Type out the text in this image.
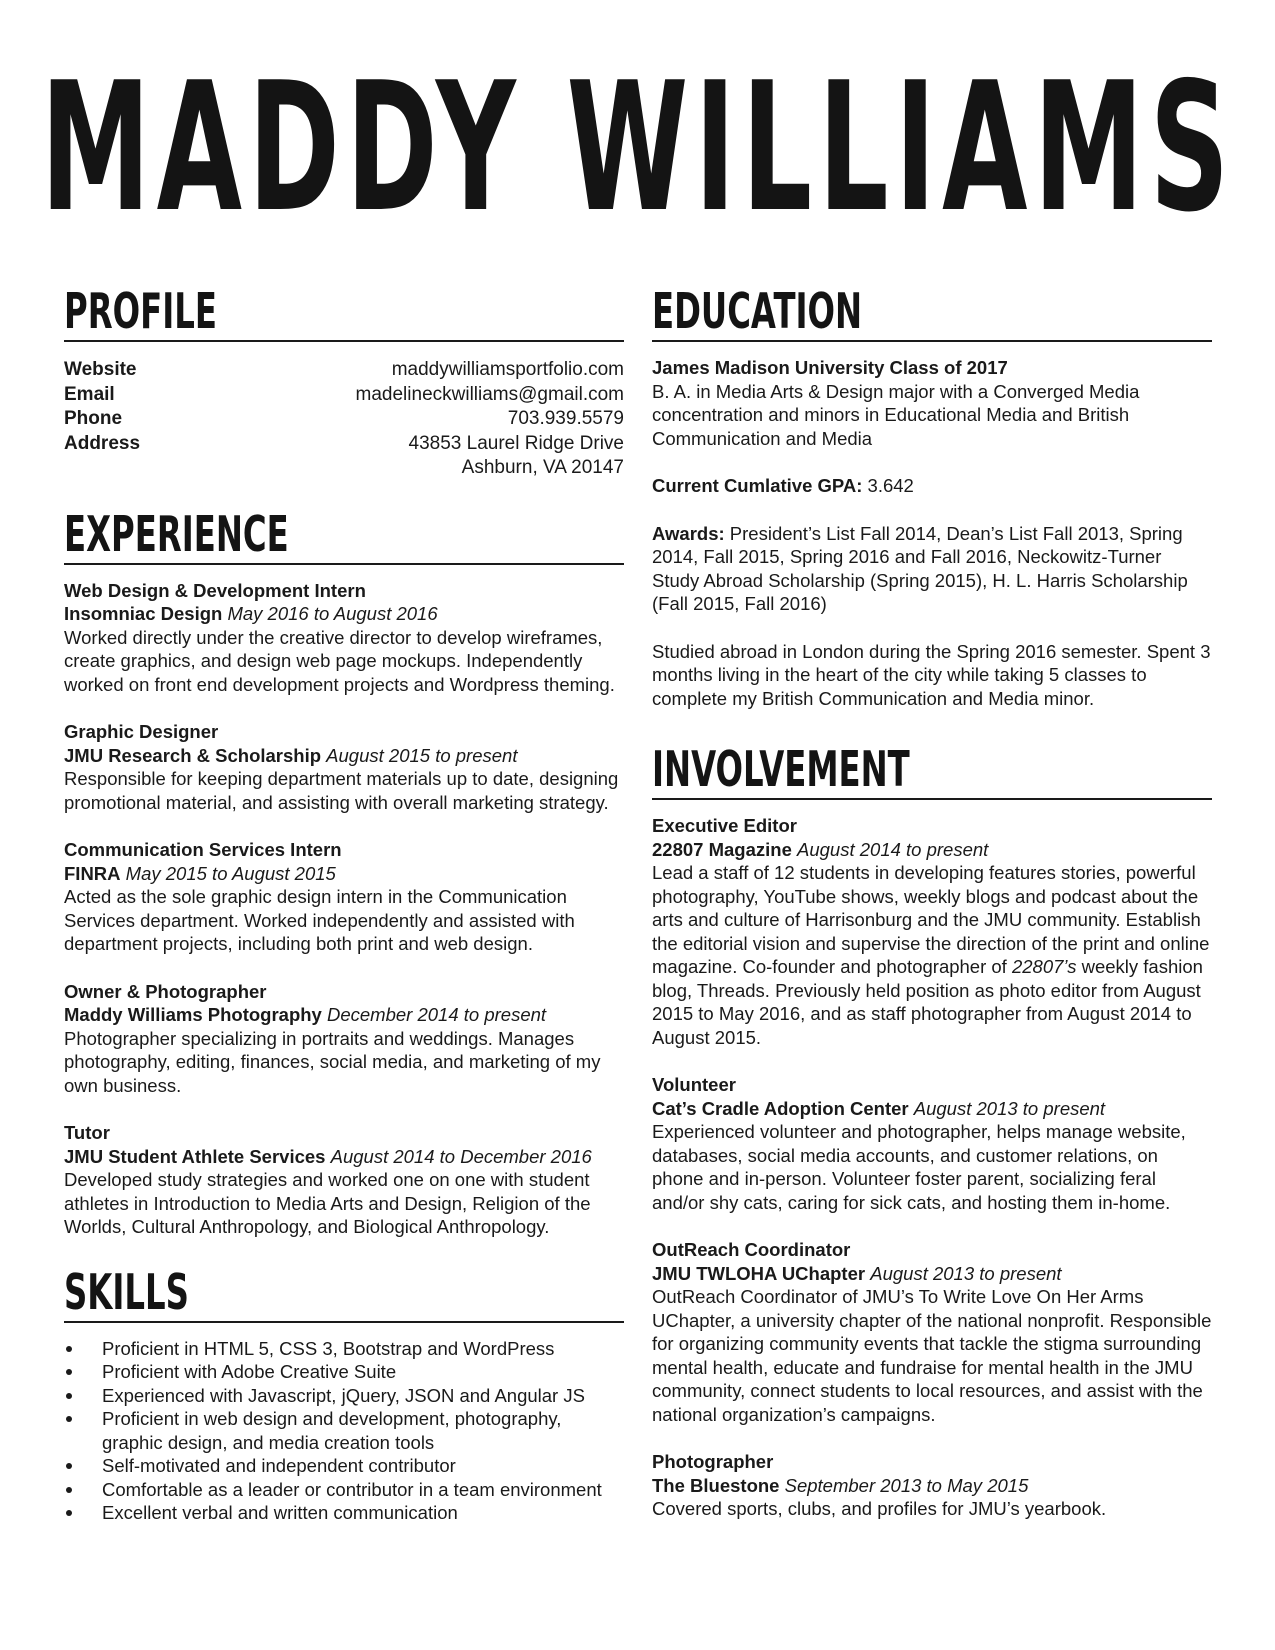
MADDY WILLIAMS
PROFILE
Website	maddywilliamsportfolio.com
Email	madelineckwilliams@gmail.com
Phone	703.939.5579
Address	43853 Laurel Ridge Drive
Ashburn, VA 20147
EXPERIENCE
Web Design & Development Intern
Insomniac Design May 2016 to August 2016
Worked directly under the creative director to develop wireframes, create graphics, and design web page mockups. Independently worked on front end development projects and Wordpress theming.
Graphic Designer
JMU Research & Scholarship August 2015 to present
Responsible for keeping department materials up to date, designing promotional material, and assisting with overall marketing strategy.
Communication Services Intern
FINRA May 2015 to August 2015
Acted as the sole graphic design intern in the Communication Services department. Worked independently and assisted with department projects, including both print and web design.
Owner & Photographer
Maddy Williams Photography December 2014 to present
Photographer specializing in portraits and weddings. Manages photography, editing, finances, social media, and marketing of my own business.
Tutor
JMU Student Athlete Services August 2014 to December 2016
Developed study strategies and worked one on one with student athletes in Introduction to Media Arts and Design, Religion of the Worlds, Cultural Anthropology, and Biological Anthropology.
SKILLS
Proficient in HTML 5, CSS 3, Bootstrap and WordPress
Proficient with Adobe Creative Suite
Experienced with Javascript, jQuery, JSON and Angular JS
Proficient in web design and development, photography, graphic design, and media creation tools
Self-motivated and independent contributor
Comfortable as a leader or contributor in a team environment
Excellent verbal and written communication
EDUCATION
James Madison University Class of 2017
B. A. in Media Arts & Design major with a Converged Media concentration and minors in Educational Media and British Communication and Media
Current Cumlative GPA: 3.642
Awards: President’s List Fall 2014, Dean’s List Fall 2013, Spring 2014, Fall 2015, Spring 2016 and Fall 2016, Neckowitz-Turner Study Abroad Scholarship (Spring 2015), H. L. Harris Scholarship (Fall 2015, Fall 2016)
Studied abroad in London during the Spring 2016 semester. Spent 3 months living in the heart of the city while taking 5 classes to complete my British Communication and Media minor.
INVOLVEMENT
Executive Editor
22807 Magazine August 2014 to present
Lead a staff of 12 students in developing features stories, powerful photography, YouTube shows, weekly blogs and podcast about the arts and culture of Harrisonburg and the JMU community. Establish the editorial vision and supervise the direction of the print and online magazine. Co-founder and photographer of 22807’s weekly fashion blog, Threads. Previously held position as photo editor from August 2015 to May 2016, and as staff photographer from August 2014 to August 2015.
Volunteer
Cat’s Cradle Adoption Center August 2013 to present
Experienced volunteer and photographer, helps manage website, databases, social media accounts, and customer relations, on phone and in-person. Volunteer foster parent, socializing feral and/or shy cats, caring for sick cats, and hosting them in-home.
OutReach Coordinator
JMU TWLOHA UChapter August 2013 to present
OutReach Coordinator of JMU’s To Write Love On Her Arms UChapter, a university chapter of the national nonprofit. Responsible for organizing community events that tackle the stigma surrounding mental health, educate and fundraise for mental health in the JMU community, connect students to local resources, and assist with the national organization’s campaigns.
Photographer
The Bluestone September 2013 to May 2015
Covered sports, clubs, and profiles for JMU’s yearbook.
